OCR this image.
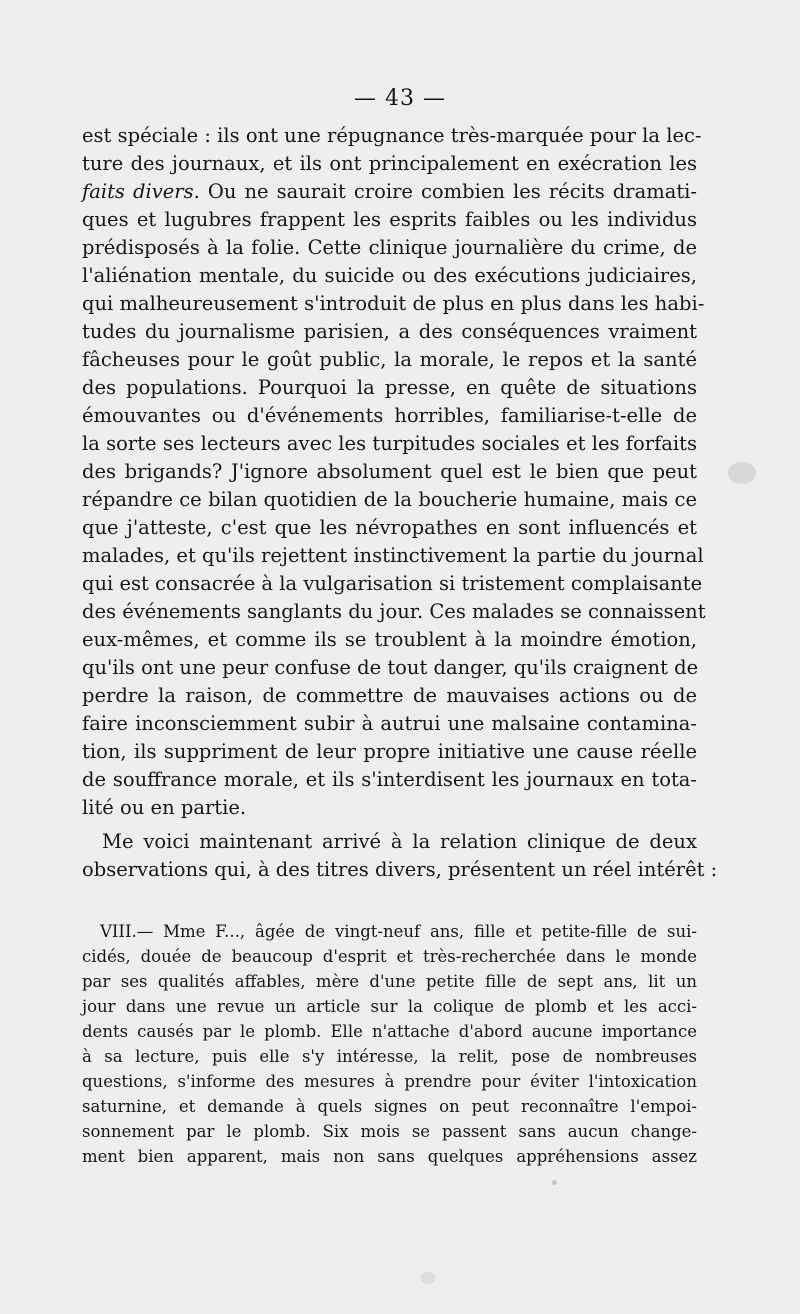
— 43 —
est spéciale : ils ont une répugnance très-marquée pour la lec-
ture des journaux, et ils ont principalement en exécration les
faits divers. Ou ne saurait croire combien les récits dramati-
ques et lugubres frappent les esprits faibles ou les individus
prédisposés à la folie. Cette clinique journalière du crime, de
l'aliénation mentale, du suicide ou des exécutions judiciaires,
qui malheureusement s'introduit de plus en plus dans les habi-
tudes du journalisme parisien, a des conséquences vraiment
fâcheuses pour le goût public, la morale, le repos et la santé
des populations. Pourquoi la presse, en quête de situations
émouvantes ou d'événements horribles, familiarise-t-elle de
la sorte ses lecteurs avec les turpitudes sociales et les forfaits
des brigands? J'ignore absolument quel est le bien que peut
répandre ce bilan quotidien de la boucherie humaine, mais ce
que j'atteste, c'est que les névropathes en sont influencés et
malades, et qu'ils rejettent instinctivement la partie du journal
qui est consacrée à la vulgarisation si tristement complaisante
des événements sanglants du jour. Ces malades se connaissent
eux-mêmes, et comme ils se troublent à la moindre émotion,
qu'ils ont une peur confuse de tout danger, qu'ils craignent de
perdre la raison, de commettre de mauvaises actions ou de
faire inconsciemment subir à autrui une malsaine contamina-
tion, ils suppriment de leur propre initiative une cause réelle
de souffrance morale, et ils s'interdisent les journaux en tota-
lité ou en partie.
Me voici maintenant arrivé à la relation clinique de deux
observations qui, à des titres divers, présentent un réel intérêt :
VIII.— Mme F..., âgée de vingt-neuf ans, fille et petite-fille de sui-
cidés, douée de beaucoup d'esprit et très-recherchée dans le monde
par ses qualités affables, mère d'une petite fille de sept ans, lit un
jour dans une revue un article sur la colique de plomb et les acci-
dents causés par le plomb. Elle n'attache d'abord aucune importance
à sa lecture, puis elle s'y intéresse, la relit, pose de nombreuses
questions, s'informe des mesures à prendre pour éviter l'intoxication
saturnine, et demande à quels signes on peut reconnaître l'empoi-
sonnement par le plomb. Six mois se passent sans aucun change-
ment bien apparent, mais non sans quelques appréhensions assez
